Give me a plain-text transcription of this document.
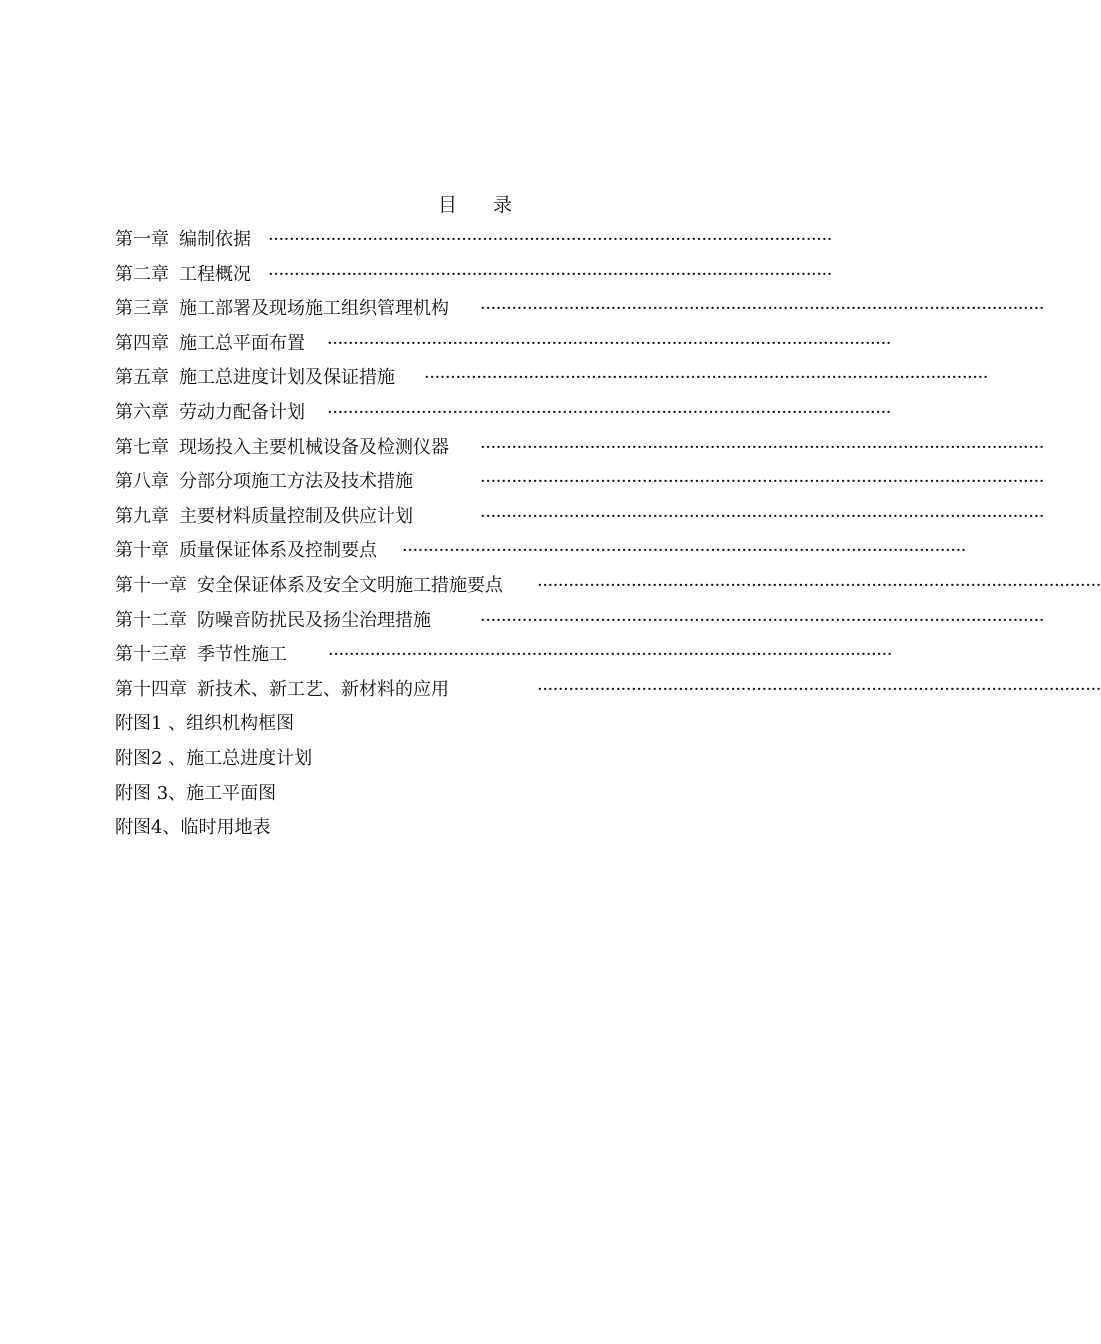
目 录
第一章 编制依据 ············································································································
第二章 工程概况 ············································································································
第三章 施工部署及现场施工组织管理机构 ············································································································
第四章 施工总平面布置 ············································································································
第五章 施工总进度计划及保证措施 ············································································································
第六章 劳动力配备计划 ············································································································
第七章 现场投入主要机械设备及检测仪器 ············································································································
第八章 分部分项施工方法及技术措施	············································································································
第九章 主要材料质量控制及供应计划	············································································································
第十章 质量保证体系及控制要点 ············································································································
第十一章 安全保证体系及安全文明施工措施要点 ············································································································
第十二章 防噪音防扰民及扬尘治理措施	············································································································
第十三章 季节性施工 ············································································································
第十四章 新技术、新工艺、新材料的应用	············································································································
附图1 、组织机构框图
附图2 、施工总进度计划
附图 3、施工平面图
附图4、临时用地表
